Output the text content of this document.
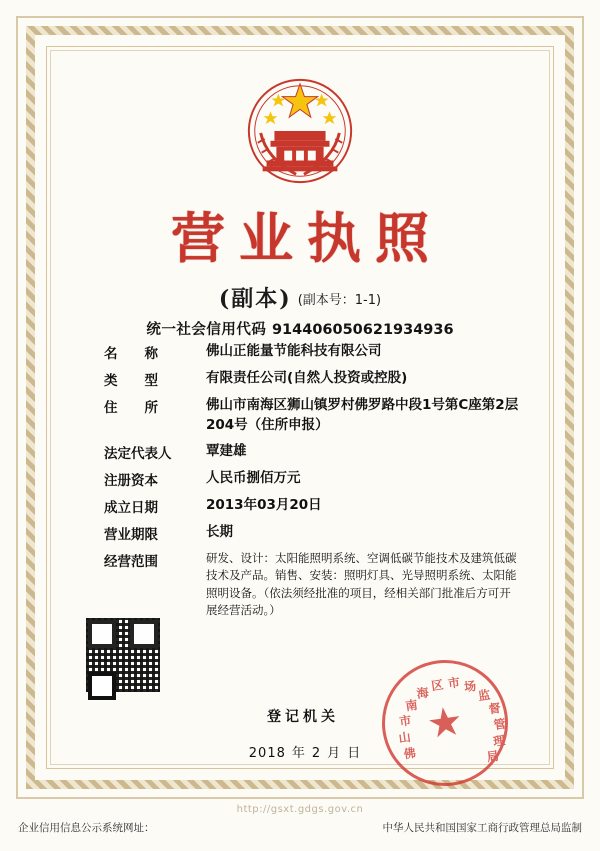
营业执照
(副本) (副本号：1-1)
统一社会信用代码 914406050621934936
名　　称	佛山正能量节能科技有限公司
类　　型	有限责任公司(自然人投资或控股)
住　　所	佛山市南海区狮山镇罗村佛罗路中段1号第C座第2层204号（住所申报）
法定代表人	覃建雄
注册资本	人民币捌佰万元
成立日期	2013年03月20日
营业期限	长期
经营范围	研发、设计：太阳能照明系统、空调低碳节能技术及建筑低碳技术及产品。销售、安装：照明灯具、光导照明系统、太阳能照明设备。（依法须经批准的项目，经相关部门批准后方可开展经营活动。）
登记机关
2018 年 2 月 日
★
佛
山
市
南
海
区 市 场
监
督
管
理
局
http://gsxt.gdgs.gov.cn
企业信用信息公示系统网址：	中华人民共和国国家工商行政管理总局监制
